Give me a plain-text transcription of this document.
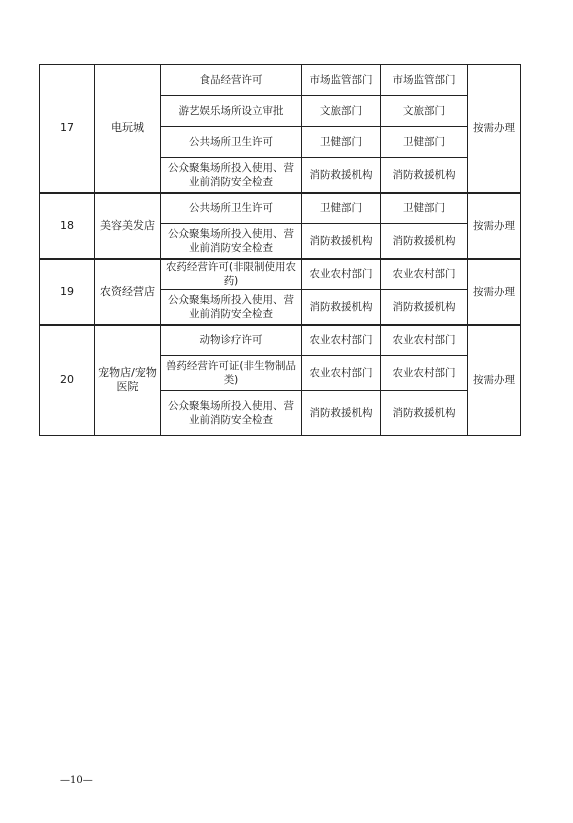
17	电玩城	食品经营许可	市场监管部门	市场监管部门	按需办理
		游艺娱乐场所设立审批	文旅部门	文旅部门	
		公共场所卫生许可	卫健部门	卫健部门	
		公众聚集场所投入使用、营业前消防安全检查	消防救援机构	消防救援机构	
18	美容美发店	公共场所卫生许可	卫健部门	卫健部门	按需办理
		公众聚集场所投入使用、营业前消防安全检查	消防救援机构	消防救援机构	
19	农资经营店	农药经营许可(非限制使用农药)	农业农村部门	农业农村部门	按需办理
		公众聚集场所投入使用、营业前消防安全检查	消防救援机构	消防救援机构	
20	宠物店/宠物医院	动物诊疗许可	农业农村部门	农业农村部门	按需办理
		兽药经营许可证(非生物制品类)	农业农村部门	农业农村部门	
		公众聚集场所投入使用、营业前消防安全检查	消防救援机构	消防救援机构	
—10—
